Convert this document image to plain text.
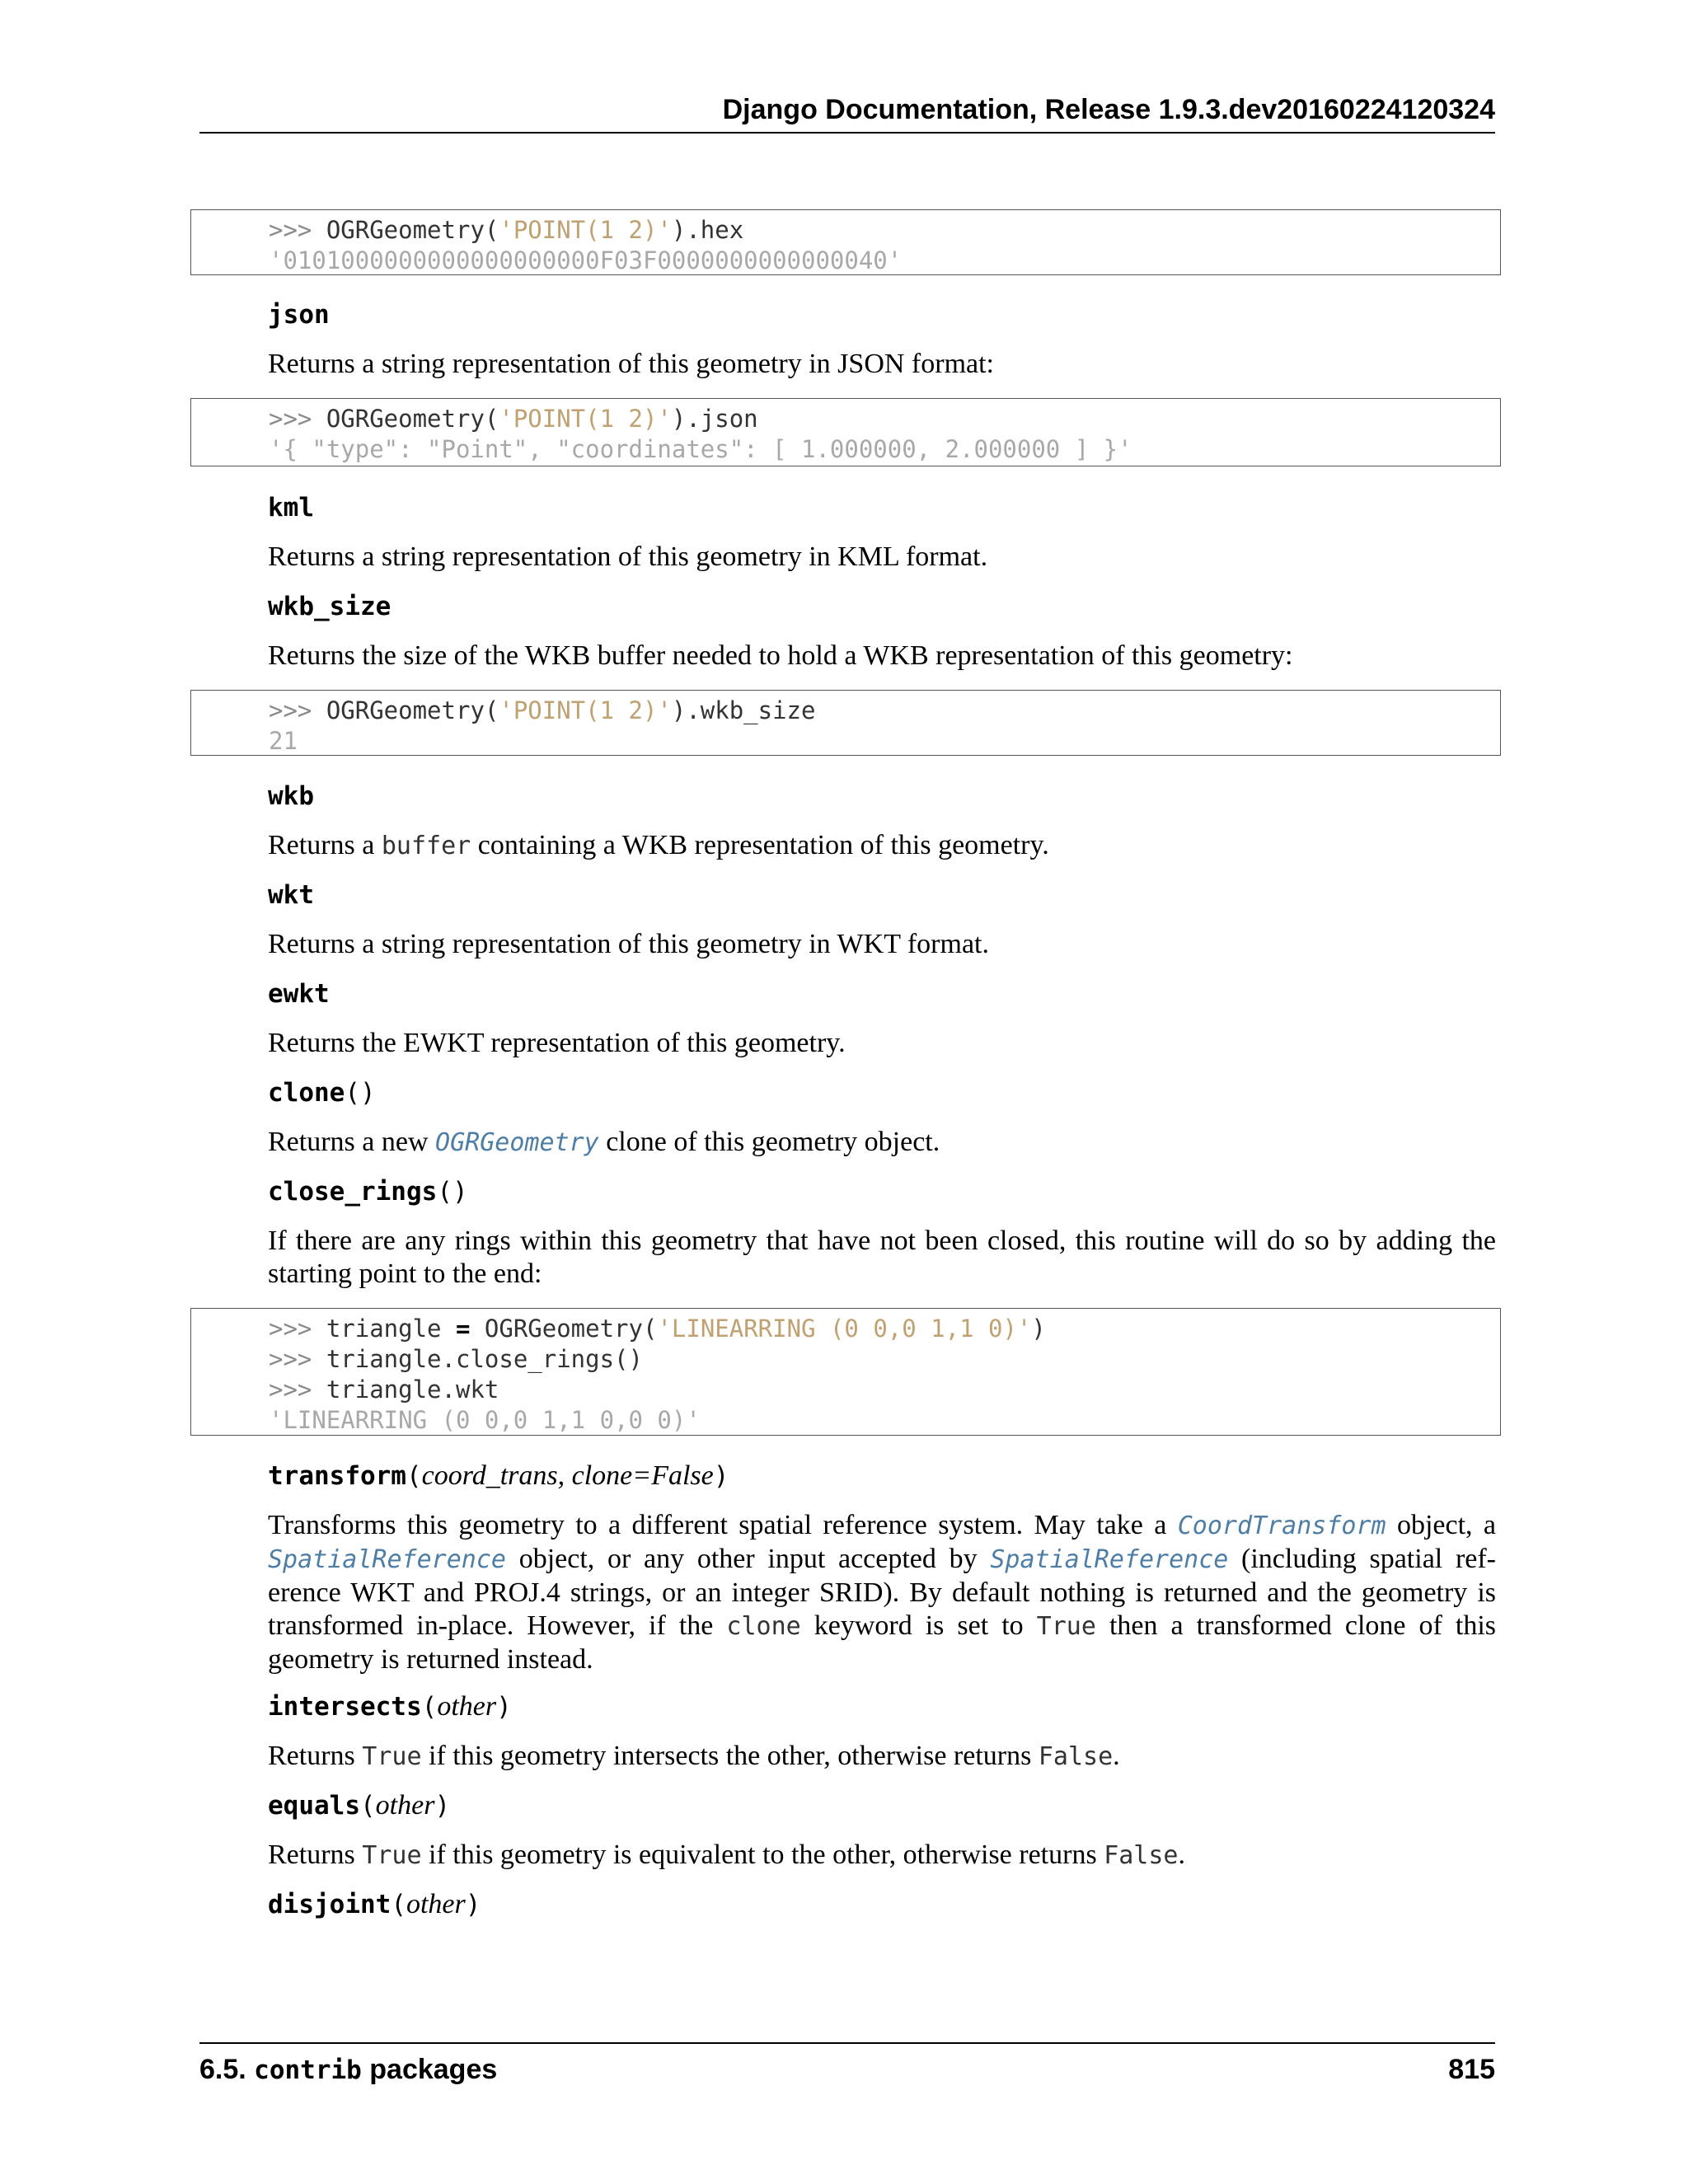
Django Documentation, Release 1.9.3.dev20160224120324
>>> OGRGeometry('POINT(1 2)').hex
'0101000000000000000000F03F0000000000000040'
json
Returns a string representation of this geometry in JSON format:
>>> OGRGeometry('POINT(1 2)').json
'{ "type": "Point", "coordinates": [ 1.000000, 2.000000 ] }'
kml
Returns a string representation of this geometry in KML format.
wkb_size
Returns the size of the WKB buffer needed to hold a WKB representation of this geometry:
>>> OGRGeometry('POINT(1 2)').wkb_size
21
wkb
Returns a buffer containing a WKB representation of this geometry.
wkt
Returns a string representation of this geometry in WKT format.
ewkt
Returns the EWKT representation of this geometry.
clone()
Returns a new OGRGeometry clone of this geometry object.
close_rings()
If there are any rings within this geometry that have not been closed, this routine will do so by adding the starting point to the end:
>>> triangle = OGRGeometry('LINEARRING (0 0,0 1,1 0)')
>>> triangle.close_rings()
>>> triangle.wkt
'LINEARRING (0 0,0 1,1 0,0 0)'
transform(coord_trans, clone=False)
Transforms this geometry to a different spatial reference system. May take a CoordTransform object, a SpatialReference object, or any other input accepted by SpatialReference (including spatial ref-erence WKT and PROJ.4 strings, or an integer SRID). By default nothing is returned and the geometry is transformed in-place. However, if the clone keyword is set to True then a transformed clone of this geometry is returned instead.
intersects(other)
Returns True if this geometry intersects the other, otherwise returns False.
equals(other)
Returns True if this geometry is equivalent to the other, otherwise returns False.
disjoint(other)
6.5. contrib packages	815
